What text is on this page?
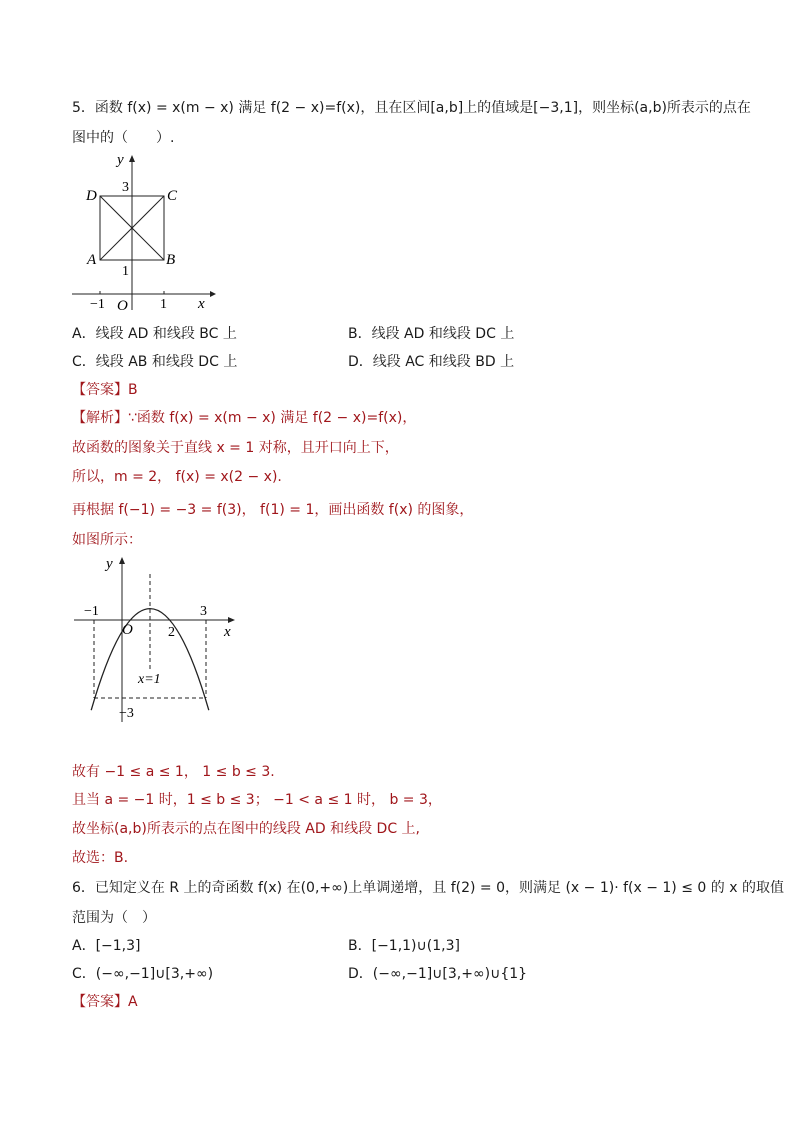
5．函数 f(x) = x(m − x) 满足 f(2 − x)=f(x)，且在区间[a,b]上的值域是[−3,1]，则坐标(a,b)所表示的点在
图中的（　　）.
y
3
D	C
A	B
1
−1 O 1 x
A．线段 AD 和线段 BC 上	B．线段 AD 和线段 DC 上
C．线段 AB 和线段 DC 上	D．线段 AC 和线段 BD 上
【答案】B
【解析】∵函数 f(x) = x(m − x) 满足 f(2 − x)=f(x)，
故函数的图象关于直线 x = 1 对称，且开口向上下，
所以，m = 2， f(x) = x(2 − x).
再根据 f(−1) = −3 = f(3)， f(1) = 1，画出函数 f(x) 的图象，
如图所示：
y
−1	3
O	2	x
x=1
−3
故有 −1 ≤ a ≤ 1， 1 ≤ b ≤ 3.
且当 a = −1 时，1 ≤ b ≤ 3； −1 < a ≤ 1 时， b = 3，
故坐标(a,b)所表示的点在图中的线段 AD 和线段 DC 上,
故选：B.
6．已知定义在 R 上的奇函数 f(x) 在(0,+∞)上单调递增，且 f(2) = 0，则满足 (x − 1)· f(x − 1) ≤ 0 的 x 的取值
范围为（　）
A．[−1,3]	B．[−1,1)∪(1,3]
C．(−∞,−1]∪[3,+∞)	D．(−∞,−1]∪[3,+∞)∪{1}
【答案】A
